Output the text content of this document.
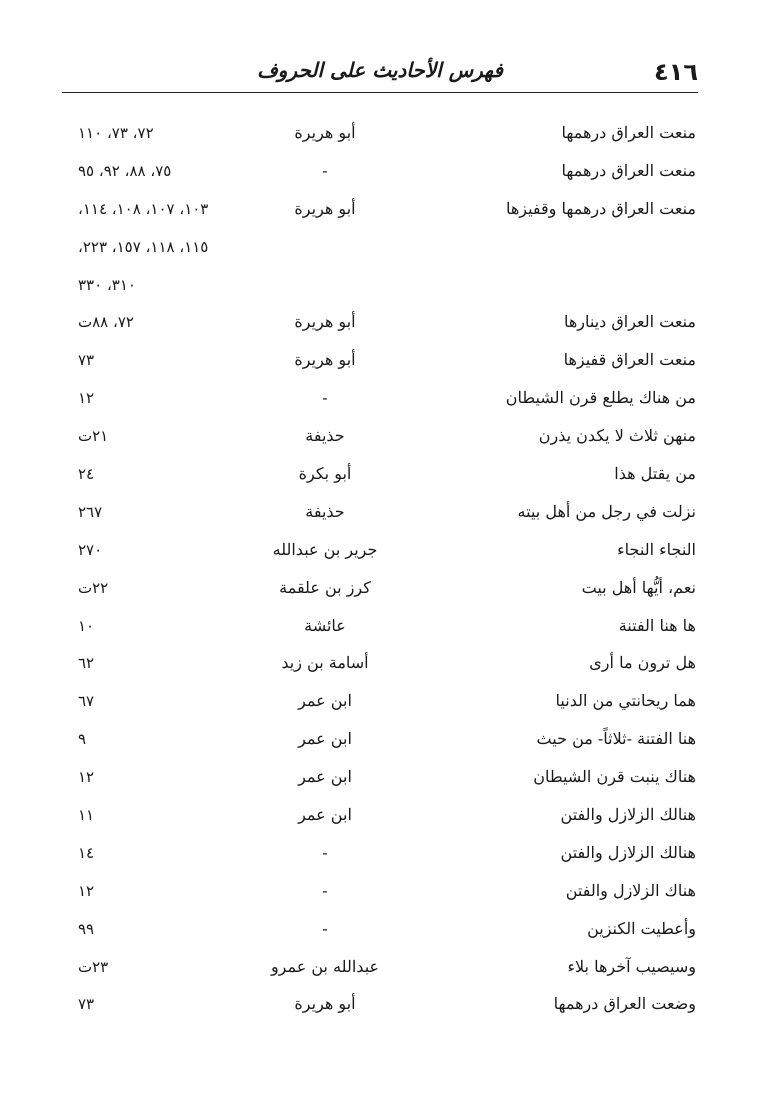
٤١٦
فهرس الأحاديث على الحروف
منعت العراق درهمها
أبو هريرة
٧٢، ٧٣، ١١٠
منعت العراق درهمها
-
٧٥، ٨٨، ٩٢، ٩٥
منعت العراق درهمها وقفيزها
أبو هريرة
١٠٣، ١٠٧، ١٠٨، ١١٤،
١١٥، ١١٨، ١٥٧، ٢٢٣،
٣١٠، ٣٣٠
منعت العراق دينارها
أبو هريرة
٧٢، ٨٨ت
منعت العراق قفيزها
أبو هريرة
٧٣
من هناك يطلع قرن الشيطان
-
١٢
منهن ثلاث لا يكدن يذرن
حذيفة
٢١ت
من يقتل هذا
أبو بكرة
٢٤
نزلت في رجل من أهل بيته
حذيفة
٢٦٧
النجاء النجاء
جرير بن عبدالله
٢٧٠
نعم، أيُّها أهل بيت
كرز بن علقمة
٢٢ت
ها هنا الفتنة
عائشة
١٠
هل ترون ما أرى
أسامة بن زيد
٦٢
هما ريحانتي من الدنيا
ابن عمر
٦٧
هنا الفتنة -ثلاثاً- من حيث
ابن عمر
٩
هناك ينبت قرن الشيطان
ابن عمر
١٢
هنالك الزلازل والفتن
ابن عمر
١١
هنالك الزلازل والفتن
-
١٤
هناك الزلازل والفتن
-
١٢
وأعطيت الكنزين
-
٩٩
وسيصيب آخرها بلاء
عبدالله بن عمرو
٢٣ت
وضعت العراق درهمها
أبو هريرة
٧٣
